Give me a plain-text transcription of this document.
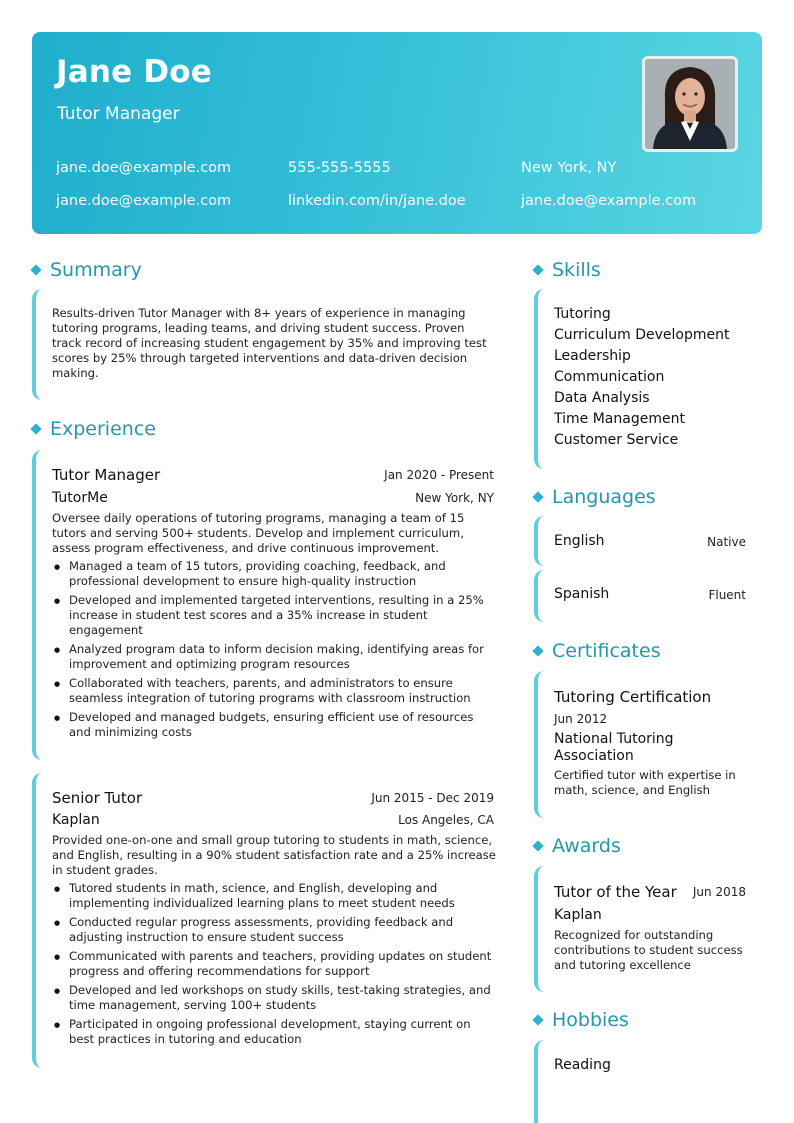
Jane Doe
Tutor Manager
jane.doe@example.com	555-555-5555	New York, NY
jane.doe@example.com	linkedin.com/in/jane.doe	jane.doe@example.com
Summary
Results-driven Tutor Manager with 8+ years of experience in managing tutoring programs, leading teams, and driving student success. Proven track record of increasing student engagement by 35% and improving test scores by 25% through targeted interventions and data-driven decision making.
Experience
Tutor Manager	Jan 2020 - Present
TutorMe	New York, NY
Oversee daily operations of tutoring programs, managing a team of 15 tutors and serving 500+ students. Develop and implement curriculum, assess program effectiveness, and drive continuous improvement.
● Managed a team of 15 tutors, providing coaching, feedback, and professional development to ensure high-quality instruction
● Developed and implemented targeted interventions, resulting in a 25% increase in student test scores and a 35% increase in student engagement
● Analyzed program data to inform decision making, identifying areas for improvement and optimizing program resources
● Collaborated with teachers, parents, and administrators to ensure seamless integration of tutoring programs with classroom instruction
● Developed and managed budgets, ensuring efficient use of resources and minimizing costs
Senior Tutor	Jun 2015 - Dec 2019
Kaplan	Los Angeles, CA
Provided one-on-one and small group tutoring to students in math, science, and English, resulting in a 90% student satisfaction rate and a 25% increase in student grades.
● Tutored students in math, science, and English, developing and implementing individualized learning plans to meet student needs
● Conducted regular progress assessments, providing feedback and adjusting instruction to ensure student success
● Communicated with parents and teachers, providing updates on student progress and offering recommendations for support
● Developed and led workshops on study skills, test-taking strategies, and time management, serving 100+ students
● Participated in ongoing professional development, staying current on best practices in tutoring and education
Skills
Tutoring
Curriculum Development
Leadership
Communication
Data Analysis
Time Management
Customer Service
Languages
English	Native
Spanish	Fluent
Certificates
Tutoring Certification
Jun 2012
National Tutoring Association
Certified tutor with expertise in math, science, and English
Awards
Tutor of the Year Jun 2018
Kaplan
Recognized for outstanding contributions to student success and tutoring excellence
Hobbies
Reading
